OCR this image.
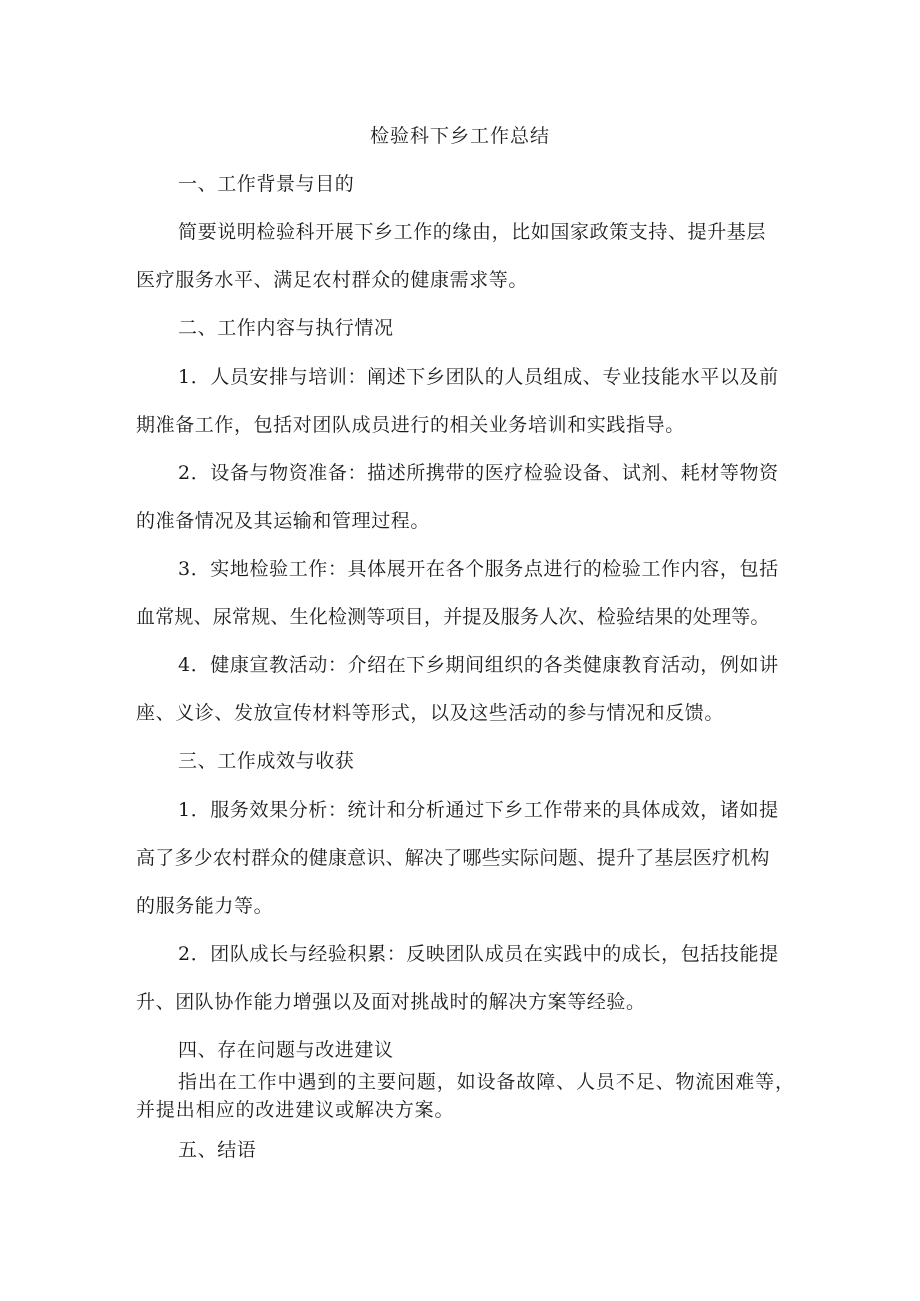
检验科下乡工作总结

一、工作背景与目的

简要说明检验科开展下乡工作的缘由，比如国家政策支持、提升基层

医疗服务水平、满足农村群众的健康需求等。

二、工作内容与执行情况

1．人员安排与培训：阐述下乡团队的人员组成、专业技能水平以及前

期准备工作，包括对团队成员进行的相关业务培训和实践指导。

2．设备与物资准备：描述所携带的医疗检验设备、试剂、耗材等物资

的准备情况及其运输和管理过程。

3．实地检验工作：具体展开在各个服务点进行的检验工作内容，包括

血常规、尿常规、生化检测等项目，并提及服务人次、检验结果的处理等。

4．健康宣教活动：介绍在下乡期间组织的各类健康教育活动，例如讲

座、义诊、发放宣传材料等形式，以及这些活动的参与情况和反馈。

三、工作成效与收获

1．服务效果分析：统计和分析通过下乡工作带来的具体成效，诸如提

高了多少农村群众的健康意识、解决了哪些实际问题、提升了基层医疗机构

的服务能力等。

2．团队成长与经验积累：反映团队成员在实践中的成长，包括技能提

升、团队协作能力增强以及面对挑战时的解决方案等经验。

四、存在问题与改进建议

指出在工作中遇到的主要问题，如设备故障、人员不足、物流困难等，

并提出相应的改进建议或解决方案。

五、结语
